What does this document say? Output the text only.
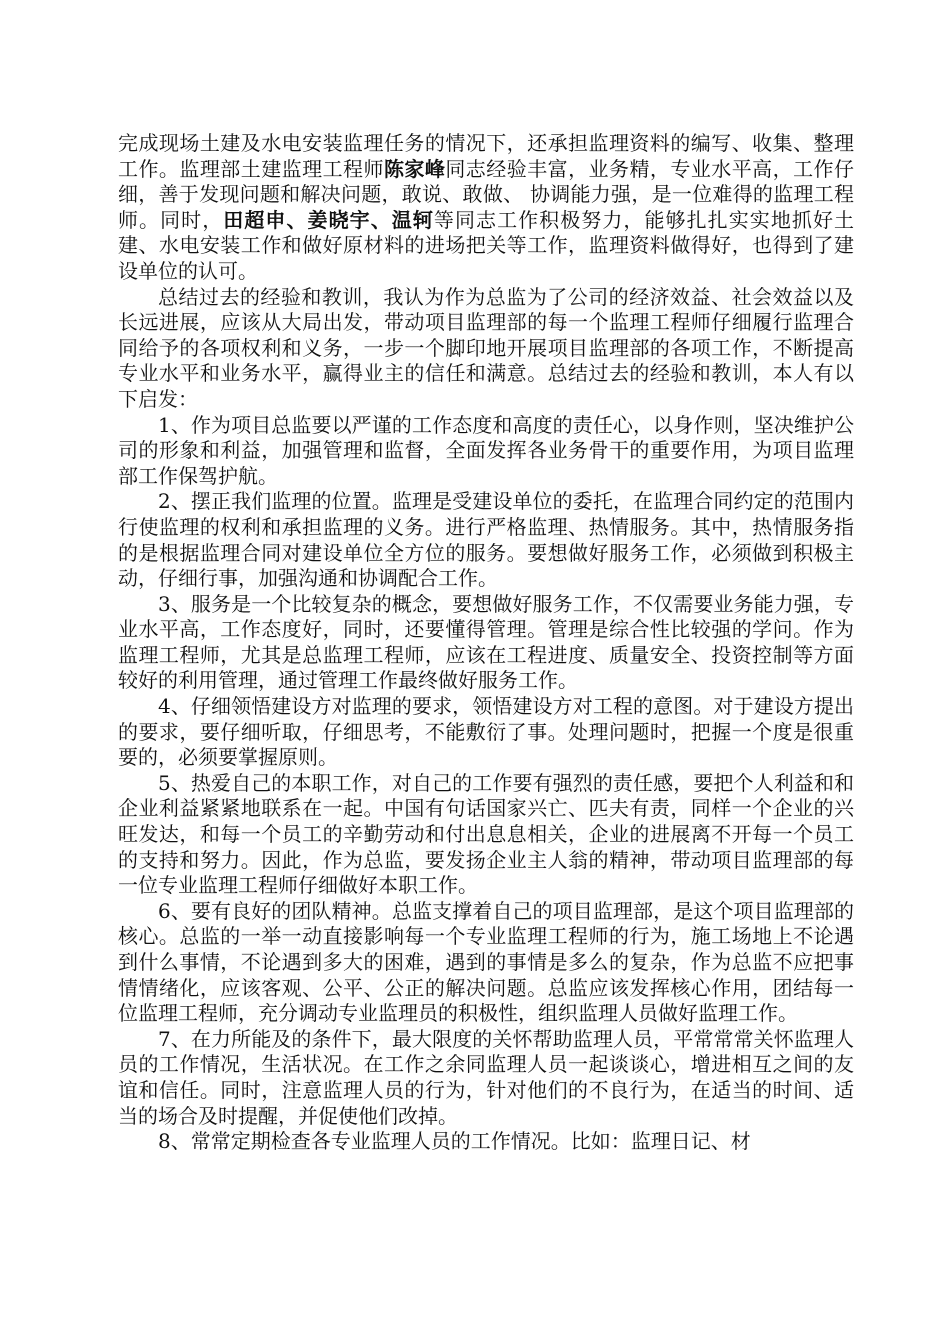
完成现场土建及水电安装监理任务的情况下，还承担监理资料的编写、收集、整理工作。监理部土建监理工程师陈家峰同志经验丰富，业务精，专业水平高，工作仔细，善于发现问题和解决问题，敢说、敢做、 协调能力强，是一位难得的监理工程师。同时，田超申、姜晓宇、温轲等同志工作积极努力，能够扎扎实实地抓好土建、水电安装工作和做好原材料的进场把关等工作，监理资料做得好，也得到了建设单位的认可。

总结过去的经验和教训，我认为作为总监为了公司的经济效益、社会效益以及长远进展，应该从大局出发，带动项目监理部的每一个监理工程师仔细履行监理合同给予的各项权利和义务，一步一个脚印地开展项目监理部的各项工作，不断提高专业水平和业务水平，赢得业主的信任和满意。总结过去的经验和教训，本人有以下启发：

1、作为项目总监要以严谨的工作态度和高度的责任心，以身作则，坚决维护公司的形象和利益，加强管理和监督，全面发挥各业务骨干的重要作用，为项目监理部工作保驾护航。

2、摆正我们监理的位置。监理是受建设单位的委托，在监理合同约定的范围内行使监理的权利和承担监理的义务。进行严格监理、热情服务。其中，热情服务指的是根据监理合同对建设单位全方位的服务。要想做好服务工作，必须做到积极主动，仔细行事，加强沟通和协调配合工作。

3、服务是一个比较复杂的概念，要想做好服务工作，不仅需要业务能力强，专业水平高，工作态度好，同时，还要懂得管理。管理是综合性比较强的学问。作为监理工程师，尤其是总监理工程师，应该在工程进度、质量安全、投资控制等方面较好的利用管理，通过管理工作最终做好服务工作。

4、仔细领悟建设方对监理的要求，领悟建设方对工程的意图。对于建设方提出的要求，要仔细听取，仔细思考，不能敷衍了事。处理问题时，把握一个度是很重要的，必须要掌握原则。

5、热爱自己的本职工作，对自己的工作要有强烈的责任感，要把个人利益和和企业利益紧紧地联系在一起。中国有句话国家兴亡、匹夫有责，同样一个企业的兴旺发达，和每一个员工的辛勤劳动和付出息息相关，企业的进展离不开每一个员工的支持和努力。因此，作为总监，要发扬企业主人翁的精神，带动项目监理部的每一位专业监理工程师仔细做好本职工作。

6、要有良好的团队精神。总监支撑着自己的项目监理部，是这个项目监理部的核心。总监的一举一动直接影响每一个专业监理工程师的行为，施工场地上不论遇到什么事情，不论遇到多大的困难，遇到的事情是多么的复杂，作为总监不应把事情情绪化，应该客观、公平、公正的解决问题。总监应该发挥核心作用，团结每一位监理工程师，充分调动专业监理员的积极性，组织监理人员做好监理工作。

7、在力所能及的条件下，最大限度的关怀帮助监理人员，平常常常关怀监理人员的工作情况，生活状况。在工作之余同监理人员一起谈谈心，增进相互之间的友谊和信任。同时，注意监理人员的行为，针对他们的不良行为，在适当的时间、适当的场合及时提醒，并促使他们改掉。

8、常常定期检查各专业监理人员的工作情况。比如：监理日记、材
